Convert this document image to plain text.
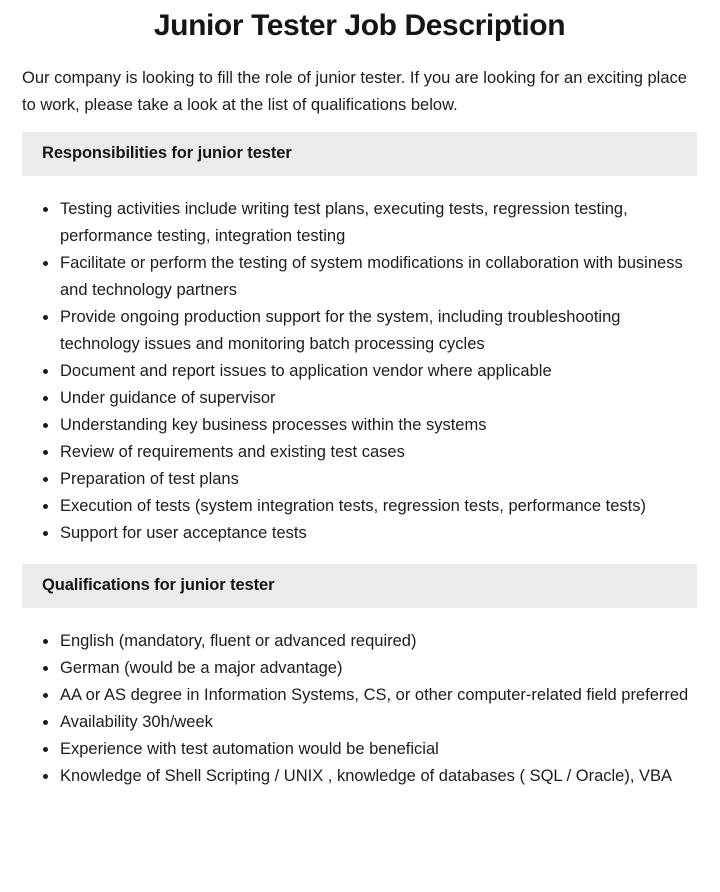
Junior Tester Job Description

Our company is looking to fill the role of junior tester. If you are looking for an exciting place to work, please take a look at the list of qualifications below.

Responsibilities for junior tester
Testing activities include writing test plans, executing tests, regression testing, performance testing, integration testing
Facilitate or perform the testing of system modifications in collaboration with business and technology partners
Provide ongoing production support for the system, including troubleshooting technology issues and monitoring batch processing cycles
Document and report issues to application vendor where applicable
Under guidance of supervisor
Understanding key business processes within the systems
Review of requirements and existing test cases
Preparation of test plans
Execution of tests (system integration tests, regression tests, performance tests)
Support for user acceptance tests
Qualifications for junior tester
English (mandatory, fluent or advanced required)
German (would be a major advantage)
AA or AS degree in Information Systems, CS, or other computer-related field preferred
Availability 30h/week
Experience with test automation would be beneficial
Knowledge of Shell Scripting / UNIX , knowledge of databases ( SQL / Oracle), VBA
